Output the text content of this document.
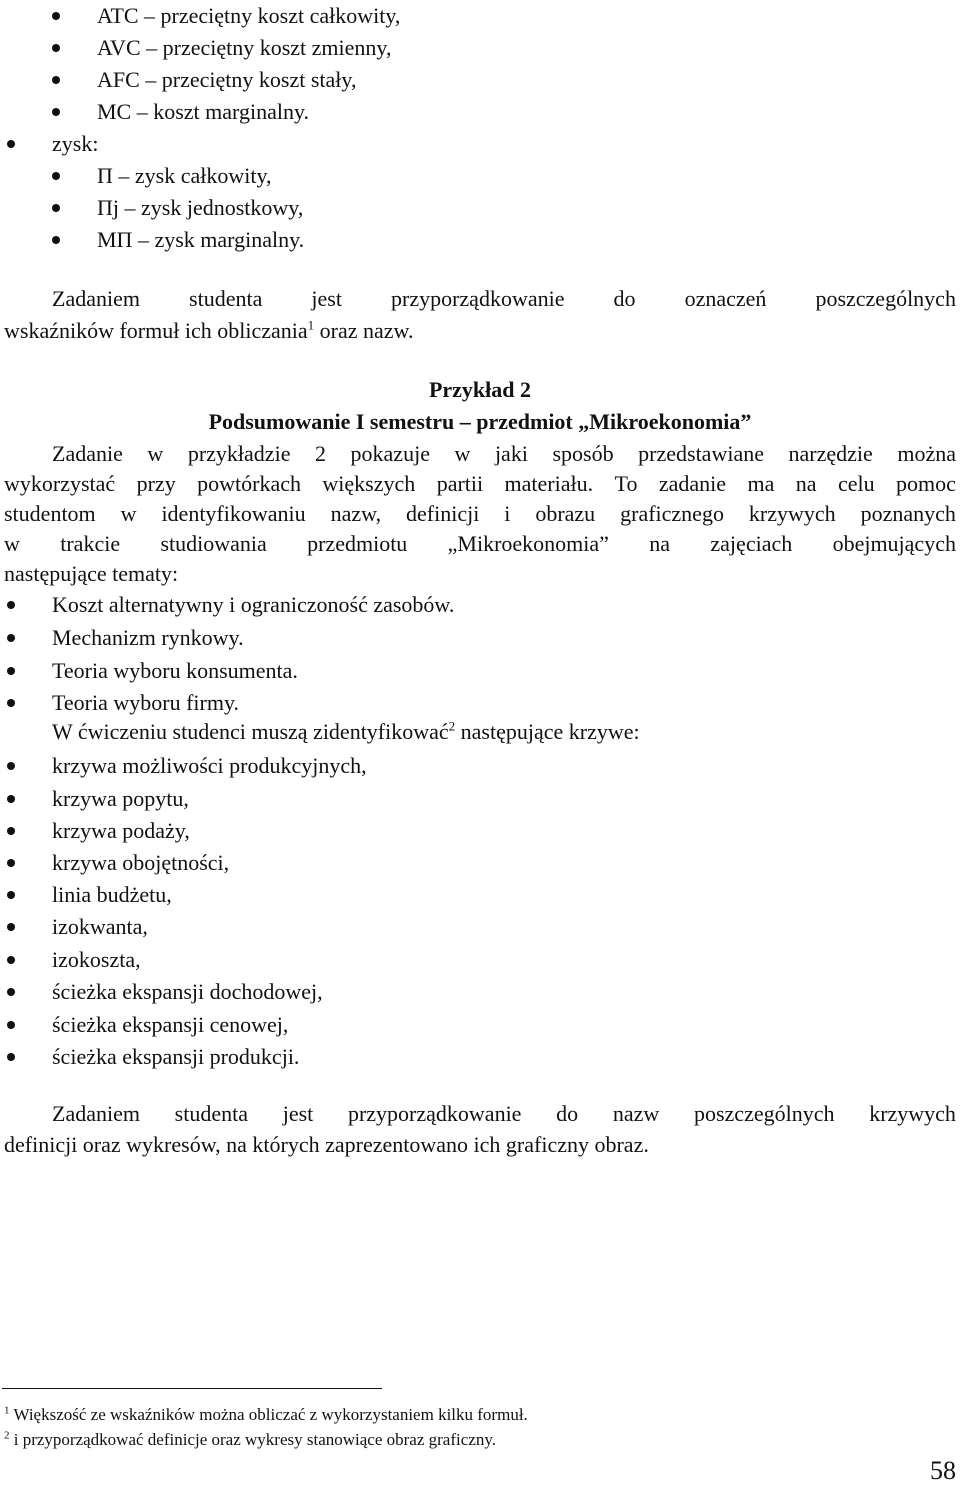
ATC – przeciętny koszt całkowity,
AVC – przeciętny koszt zmienny,
AFC – przeciętny koszt stały,
MC – koszt marginalny.
zysk:
Π – zysk całkowity,
Πj – zysk jednostkowy,
MΠ – zysk marginalny.
Zadaniem studenta jest przyporządkowanie do oznaczeń poszczególnych
wskaźników formuł ich obliczania$^1$ oraz nazw.
Przykład 2
Podsumowanie I semestru – przedmiot „Mikroekonomia”
Zadanie w przykładzie 2 pokazuje w jaki sposób przedstawiane narzędzie można
wykorzystać przy powtórkach większych partii materiału. To zadanie ma na celu pomoc
studentom w identyfikowaniu nazw, definicji i obrazu graficznego krzywych poznanych
w trakcie studiowania przedmiotu „Mikroekonomia” na zajęciach obejmujących
następujące tematy:
Koszt alternatywny i ograniczoność zasobów.
Mechanizm rynkowy.
Teoria wyboru konsumenta.
Teoria wyboru firmy.
W ćwiczeniu studenci muszą zidentyfikować$^2$ następujące krzywe:
krzywa możliwości produkcyjnych,
krzywa popytu,
krzywa podaży,
krzywa obojętności,
linia budżetu,
izokwanta,
izokoszta,
ścieżka ekspansji dochodowej,
ścieżka ekspansji cenowej,
ścieżka ekspansji produkcji.
Zadaniem studenta jest przyporządkowanie do nazw poszczególnych krzywych
definicji oraz wykresów, na których zaprezentowano ich graficzny obraz.
$^1$ Większość ze wskaźników można obliczać z wykorzystaniem kilku formuł.
$^2$ i przyporządkować definicje oraz wykresy stanowiące obraz graficzny.
58
